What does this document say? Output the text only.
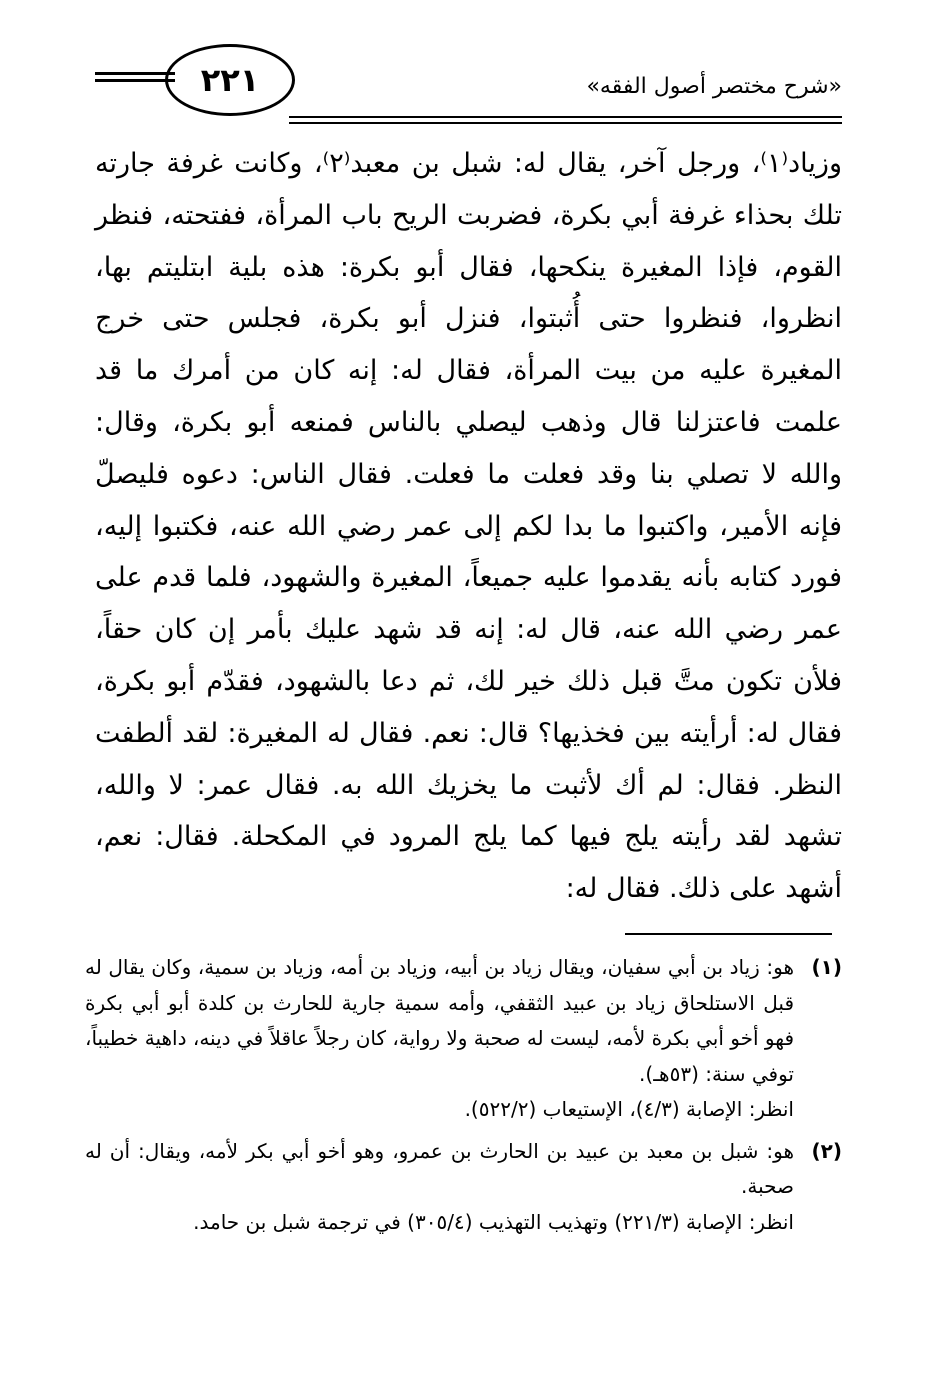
٢٢١	«شرح مختصر أصول الفقه»

وزياد⁽١⁾، ورجل آخر، يقال له: شبل بن معبد⁽٢⁾، وكانت غرفة جارته تلك بحذاء غرفة أبي بكرة، فضربت الريح باب المرأة، ففتحته، فنظر القوم، فإذا المغيرة ينكحها، فقال أبو بكرة: هذه بلية ابتليتم بها، انظروا، فنظروا حتى أُثبتوا، فنزل أبو بكرة، فجلس حتى خرج المغيرة عليه من بيت المرأة، فقال له: إنه كان من أمرك ما قد علمت فاعتزلنا قال وذهب ليصلي بالناس فمنعه أبو بكرة، وقال: والله لا تصلي بنا وقد فعلت ما فعلت. فقال الناس: دعوه فليصلّ فإنه الأمير، واكتبوا ما بدا لكم إلى عمر رضي الله عنه، فكتبوا إليه، فورد كتابه بأنه يقدموا عليه جميعاً، المغيرة والشهود، فلما قدم على عمر رضي الله عنه، قال له: إنه قد شهد عليك بأمر إن كان حقاً، فلأن تكون متَّ قبل ذلك خير لك، ثم دعا بالشهود، فقدّم أبو بكرة، فقال له: أرأيته بين فخذيها؟ قال: نعم. فقال له المغيرة: لقد ألطفت النظر. فقال: لم أك لأثبت ما يخزيك الله به. فقال عمر: لا والله، تشهد لقد رأيته يلج فيها كما يلج المرود في المكحلة. فقال: نعم، أشهد على ذلك. فقال له:

(١)

هو: زياد بن أبي سفيان، ويقال زياد بن أبيه، وزياد بن أمه، وزياد بن سمية، وكان يقال له قبل الاستلحاق زياد بن عبيد الثقفي، وأمه سمية جارية للحارث بن كلدة أبو أبي بكرة فهو أخو أبي بكرة لأمه، ليست له صحبة ولا رواية، كان رجلاً عاقلاً في دينه، داهية خطيباً، توفي سنة: (٥٣هـ).

انظر: الإصابة (٤/٣)، الإستيعاب (٥٢٢/٢).

(٢)

هو: شبل بن معبد بن عبيد بن الحارث بن عمرو، وهو أخو أبي بكر لأمه، ويقال: أن له صحبة.

انظر: الإصابة (٢٢١/٣) وتهذيب التهذيب (٣٠٥/٤) في ترجمة شبل بن حامد.
